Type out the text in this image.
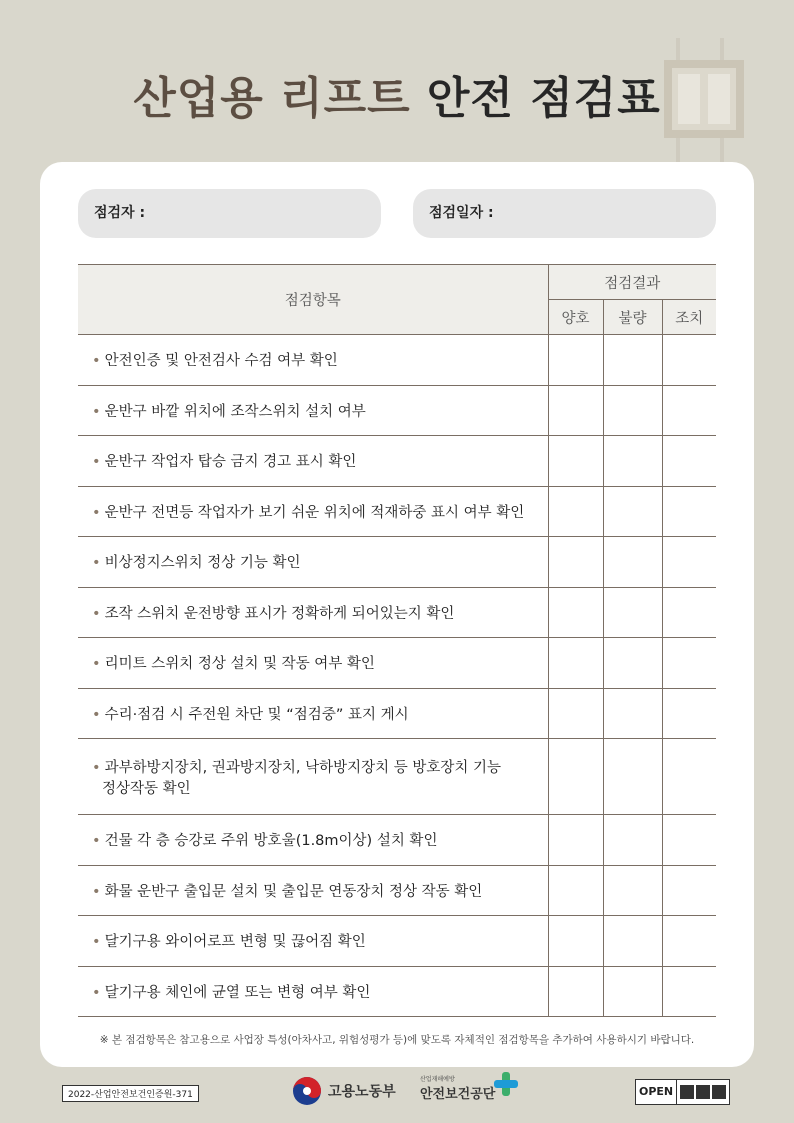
산업용 리프트 안전 점검표
점검자 :	점검일자 :
점검항목	점검결과		
	양호	불량	조치
• 안전인증 및 안전검사 수검 여부 확인			
• 운반구 바깥 위치에 조작스위치 설치 여부			
• 운반구 작업자 탑승 금지 경고 표시 확인			
• 운반구 전면등 작업자가 보기 쉬운 위치에 적재하중 표시 여부 확인			
• 비상정지스위치 정상 기능 확인			
• 조작 스위치 운전방향 표시가 정확하게 되어있는지 확인			
• 리미트 스위치 정상 설치 및 작동 여부 확인			
• 수리·점검 시 주전원 차단 및 “점검중” 표지 게시			
• 과부하방지장치, 권과방지장치, 낙하방지장치 등 방호장치 기능
정상작동 확인			
• 건물 각 층 승강로 주위 방호울(1.8m이상) 설치 확인			
• 화물 운반구 출입문 설치 및 출입문 연동장치 정상 작동 확인			
• 달기구용 와이어로프 변형 및 끊어짐 확인			
• 달기구용 체인에 균열 또는 변형 여부 확인			
※ 본 점검항목은 참고용으로 사업장 특성(아차사고, 위험성평가 등)에 맞도록 자체적인 점검항목을 추가하여 사용하시기 바랍니다.
2022-산업안전보건인증원-371	고용노동부
산업재해예방
안전보건공단	OPEN
